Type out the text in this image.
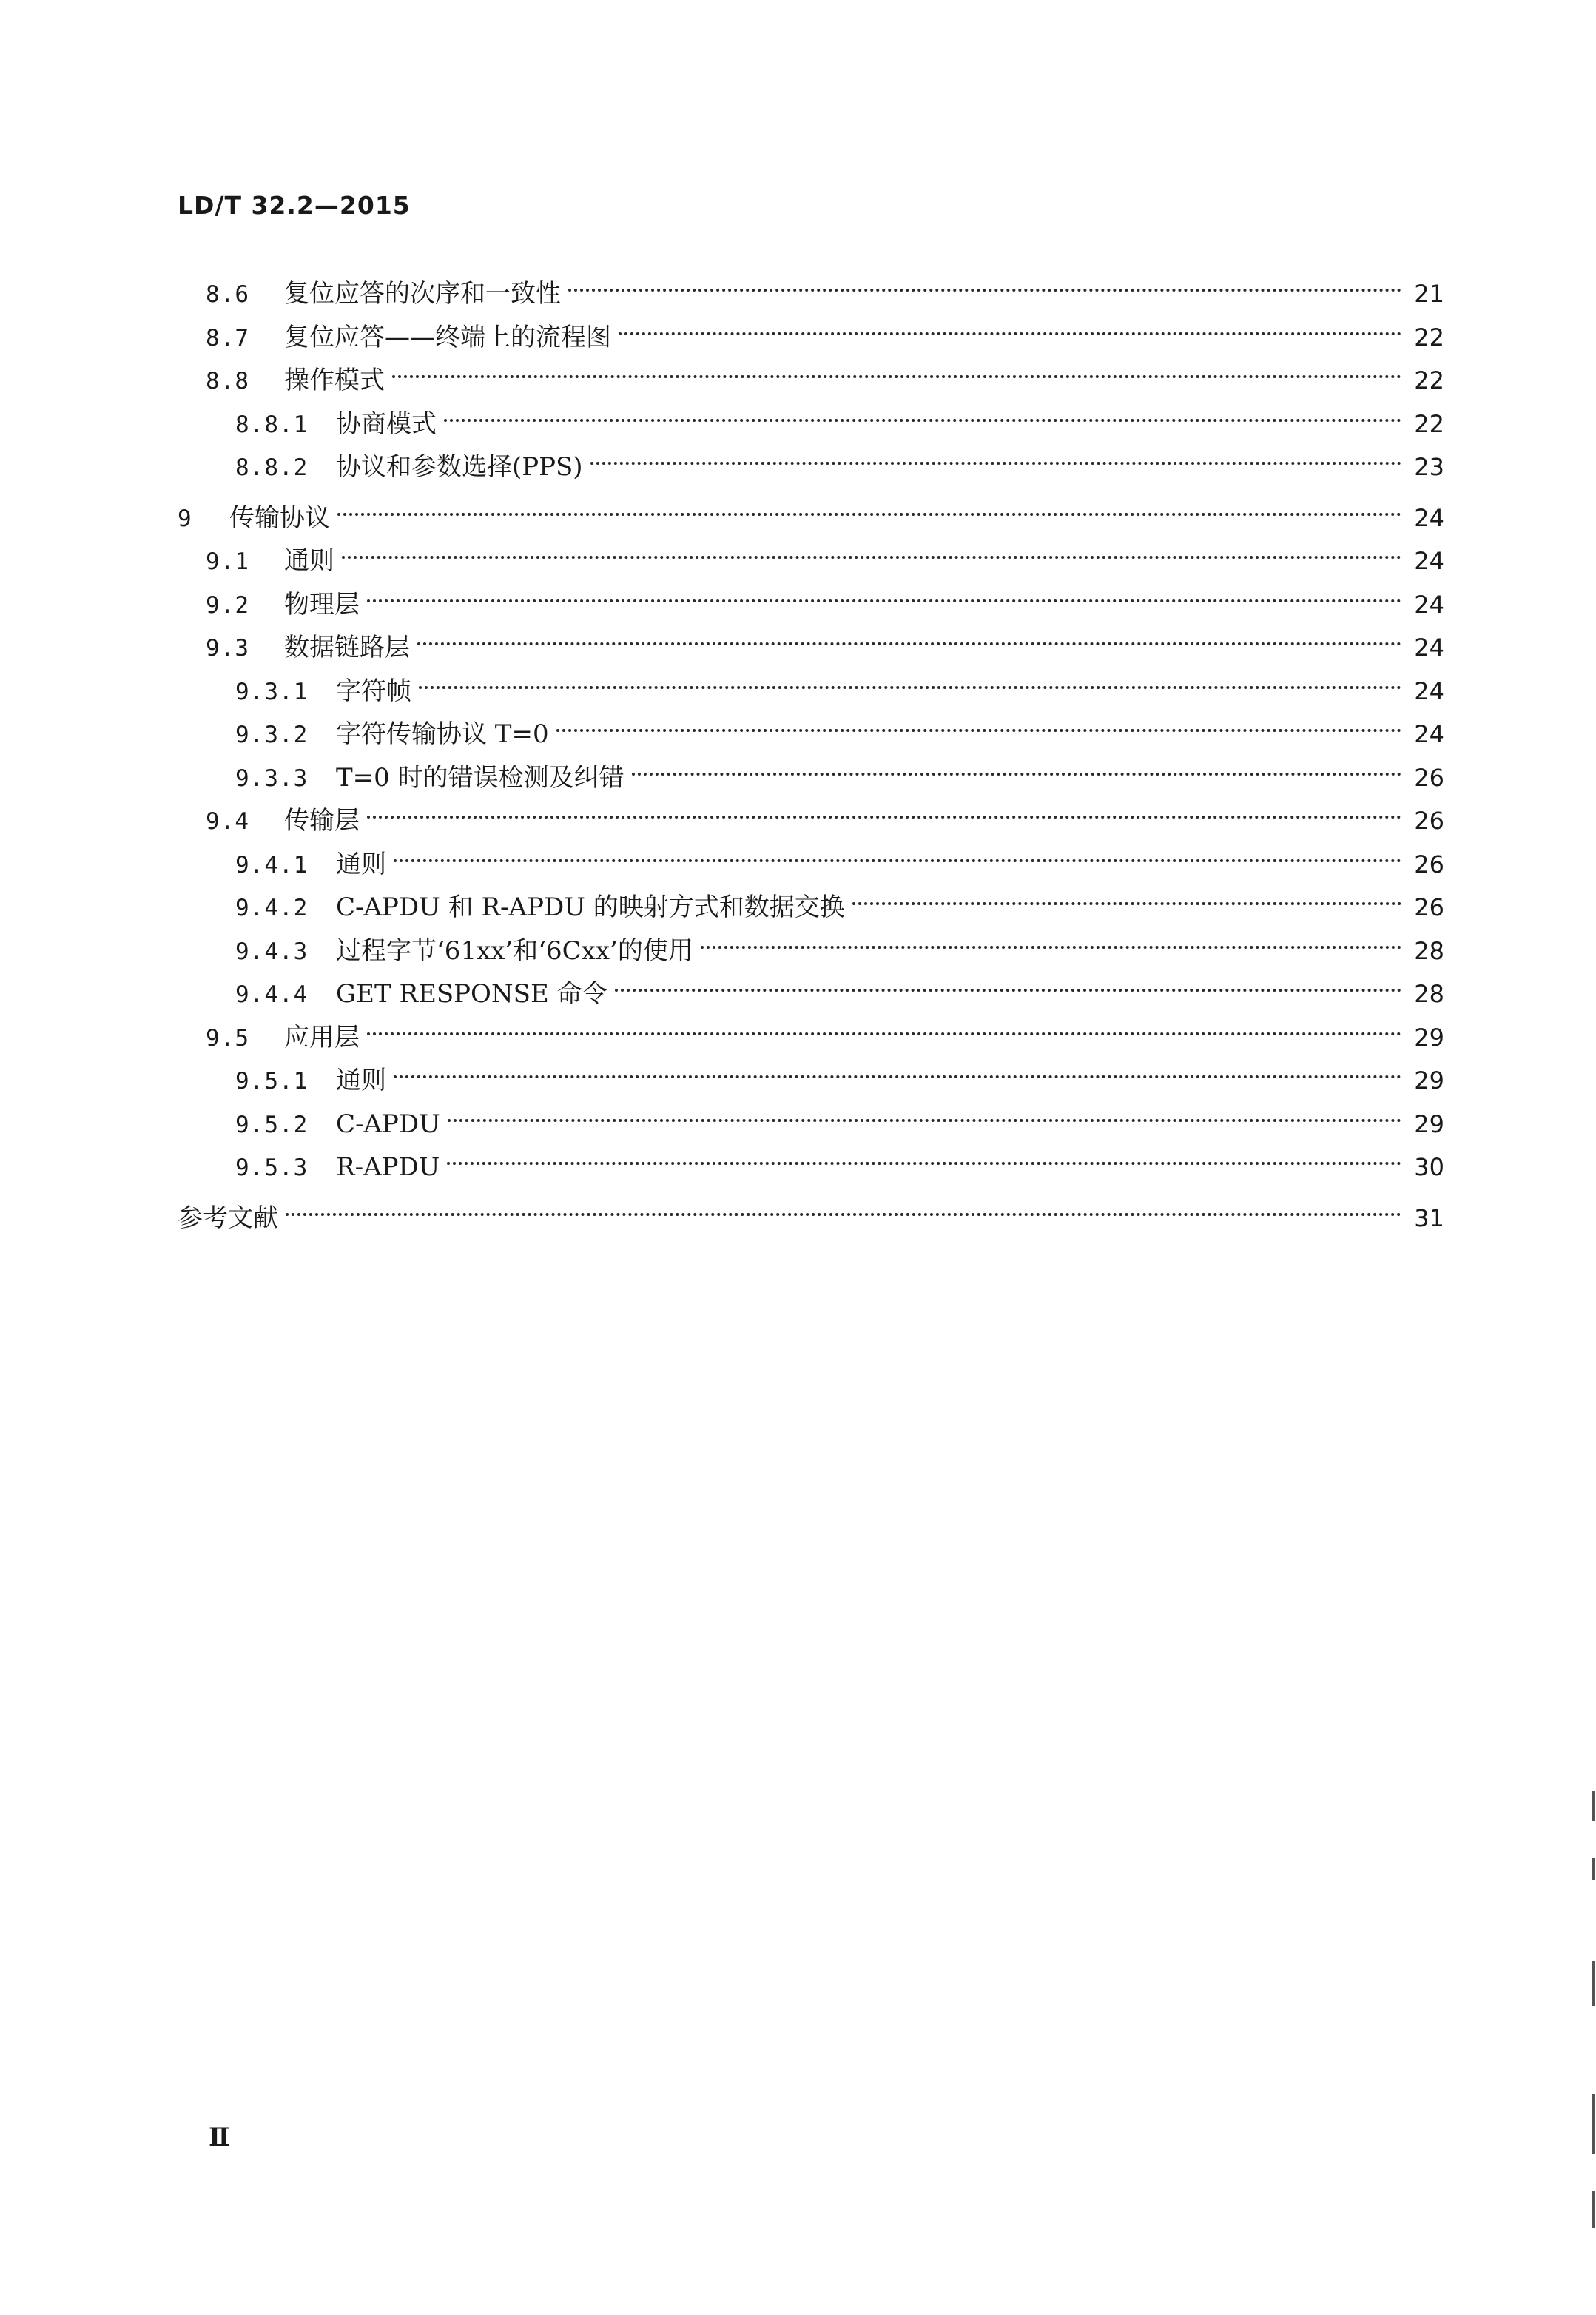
LD/T 32.2—2015
8.6	复位应答的次序和一致性	21
8.7	复位应答——终端上的流程图	22
8.8	操作模式	22
8.8.1	协商模式	22
8.8.2	协议和参数选择(PPS)	23
9	传输协议	24
9.1	通则	24
9.2	物理层	24
9.3	数据链路层	24
9.3.1	字符帧	24
9.3.2	字符传输协议 T=0	24
9.3.3	T=0 时的错误检测及纠错	26
9.4	传输层	26
9.4.1	通则	26
9.4.2	C-APDU 和 R-APDU 的映射方式和数据交换	26
9.4.3	过程字节‘61xx’和‘6Cxx’的使用	28
9.4.4	GET RESPONSE 命令	28
9.5	应用层	29
9.5.1	通则	29
9.5.2	C-APDU	29
9.5.3	R-APDU	30
参考文献	31
Ⅱ
